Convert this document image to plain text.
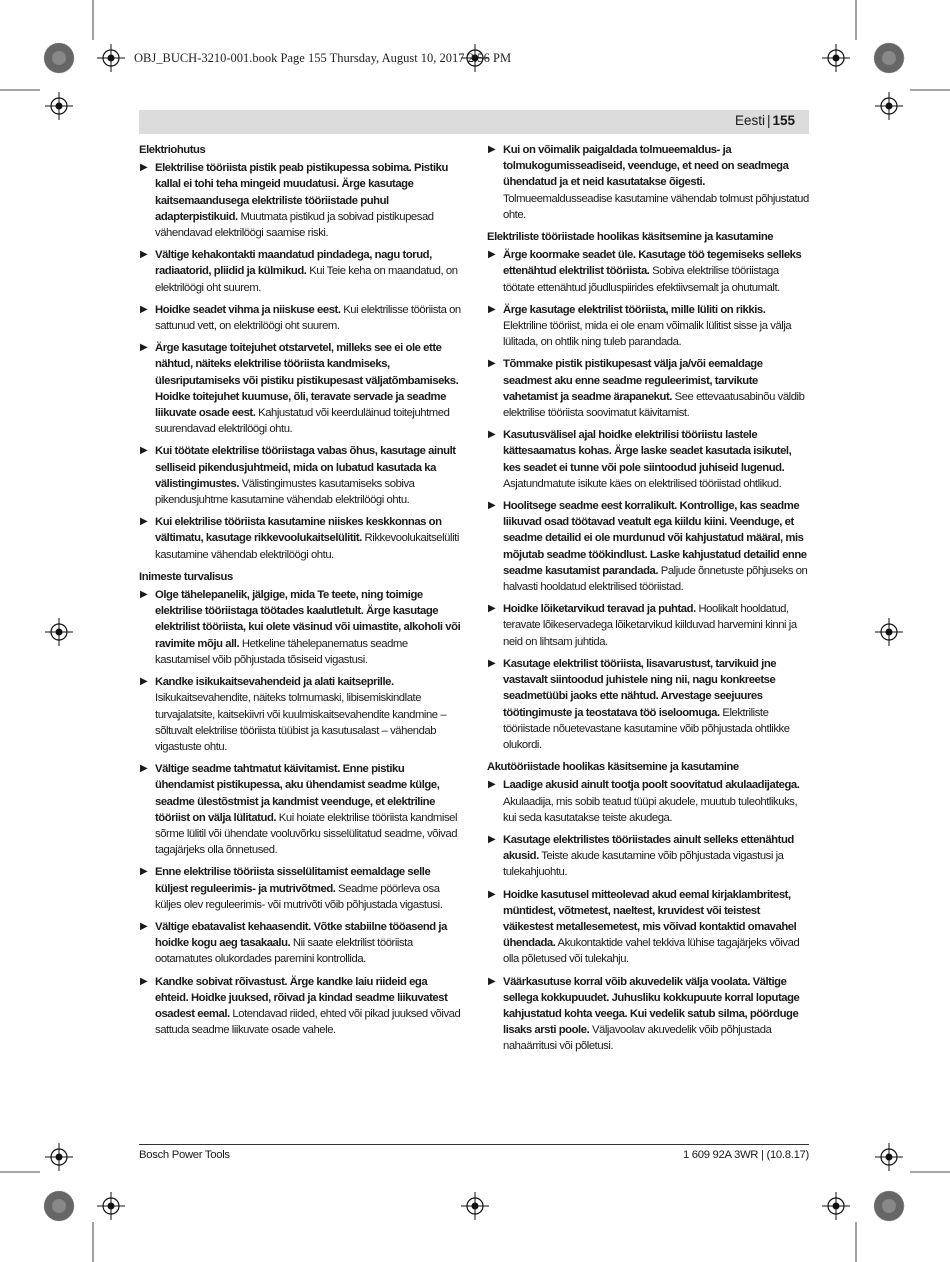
OBJ_BUCH-3210-001.book Page 155 Thursday, August 10, 2017 2:56 PM
Eesti | 155
Elektriohutus
▶ Elektrilise tööriista pistik peab pistikupessa sobima. Pistiku kallal ei tohi teha mingeid muudatusi. Ärge kasutage kaitsemaandusega elektriliste tööriistade puhul adapterpistikuid. Muutmata pistikud ja sobivad pistikupesad vähendavad elektrilöögi saamise riski.
▶ Vältige kehakontakti maandatud pindadega, nagu torud, radiaatorid, pliidid ja külmikud. Kui Teie keha on maandatud, on elektrilöögi oht suurem.
▶ Hoidke seadet vihma ja niiskuse eest. Kui elektrilisse tööriista on sattunud vett, on elektrilöögi oht suurem.
▶ Ärge kasutage toitejuhet otstarvetel, milleks see ei ole ette nähtud, näiteks elektrilise tööriista kandmiseks, ülesriputamiseks või pistiku pistikupesast väljatõmbamiseks. Hoidke toitejuhet kuumuse, õli, teravate servade ja seadme liikuvate osade eest. Kahjustatud või keerduläinud toitejuhtmed suurendavad elektrilöögi ohtu.
▶ Kui töötate elektrilise tööriistaga vabas õhus, kasutage ainult selliseid pikendusjuhtmeid, mida on lubatud kasutada ka välistingimustes. Välistingimustes kasutamiseks sobiva pikendusjuhtme kasutamine vähendab elektrilöögi ohtu.
▶ Kui elektrilise tööriista kasutamine niiskes keskkonnas on vältimatu, kasutage rikkevoolukaitselülitit. Rikkevoolukaitselüliti kasutamine vähendab elektrilöögi ohtu.
Inimeste turvalisus
▶ Olge tähelepanelik, jälgige, mida Te teete, ning toimige elektrilise tööriistaga töötades kaalutletult. Ärge kasutage elektrilist tööriista, kui olete väsinud või uimastite, alkoholi või ravimite mõju all. Hetkeline tähelepanematus seadme kasutamisel võib põhjustada tõsiseid vigastusi.
▶ Kandke isikukaitsevahendeid ja alati kaitseprille. Isikukaitsevahendite, näiteks tolmumaski, libisemiskindlate turvajalatsite, kaitsekiivri või kuulmiskaitsevahendite kandmine – sõltuvalt elektrilise tööriista tüübist ja kasutusalast – vähendab vigastuste ohtu.
▶ Vältige seadme tahtmatut käivitamist. Enne pistiku ühendamist pistikupessa, aku ühendamist seadme külge, seadme ülestõstmist ja kandmist veenduge, et elektriline tööriist on välja lülitatud. Kui hoiate elektrilise tööriista kandmisel sõrme lülitil või ühendate vooluvõrku sisselülitatud seadme, võivad tagajärjeks olla õnnetused.
▶ Enne elektrilise tööriista sisselülitamist eemaldage selle küljest reguleerimis- ja mutrivõtmed. Seadme pöörleva osa küljes olev reguleerimis- või mutrivõti võib põhjustada vigastusi.
▶ Vältige ebatavalist kehaasendit. Võtke stabiilne tööasend ja hoidke kogu aeg tasakaalu. Nii saate elektrilist tööriista ootamatutes olukordades paremini kontrollida.
▶ Kandke sobivat rõivastust. Ärge kandke laiu riideid ega ehteid. Hoidke juuksed, rõivad ja kindad seadme liikuvatest osadest eemal. Lotendavad riided, ehted või pikad juuksed võivad sattuda seadme liikuvate osade vahele.
▶ Kui on võimalik paigaldada tolmueemaldus- ja tolmukogumisseadiseid, veenduge, et need on seadmega ühendatud ja et neid kasutatakse õigesti. Tolmueemaldusseadise kasutamine vähendab tolmust põhjustatud ohte.
Elektriliste tööriistade hoolikas käsitsemine ja kasutamine
▶ Ärge koormake seadet üle. Kasutage töö tegemiseks selleks ettenähtud elektrilist tööriista. Sobiva elektrilise tööriistaga töötate ettenähtud jõudluspiirides efektiivsemalt ja ohutumalt.
▶ Ärge kasutage elektrilist tööriista, mille lüliti on rikkis. Elektriline tööriist, mida ei ole enam võimalik lülitist sisse ja välja lülitada, on ohtlik ning tuleb parandada.
▶ Tõmmake pistik pistikupesast välja ja/või eemaldage seadmest aku enne seadme reguleerimist, tarvikute vahetamist ja seadme ärapanekut. See ettevaatusabinõu väldib elektrilise tööriista soovimatut käivitamist.
▶ Kasutusvälisel ajal hoidke elektrilisi tööriistu lastele kättesaamatus kohas. Ärge laske seadet kasutada isikutel, kes seadet ei tunne või pole siintoodud juhiseid lugenud. Asjatundmatute isikute käes on elektrilised tööriistad ohtlikud.
▶ Hoolitsege seadme eest korralikult. Kontrollige, kas seadme liikuvad osad töötavad veatult ega kiildu kiini. Veenduge, et seadme detailid ei ole murdunud või kahjustatud määral, mis mõjutab seadme töökindlust. Laske kahjustatud detailid enne seadme kasutamist parandada. Paljude õnnetuste põhjuseks on halvasti hooldatud elektrilised tööriistad.
▶ Hoidke lõiketarvikud teravad ja puhtad. Hoolikalt hooldatud, teravate lõikeservadega lõiketarvikud kiilduvad harvemini kinni ja neid on lihtsam juhtida.
▶ Kasutage elektrilist tööriista, lisavarustust, tarvikuid jne vastavalt siintoodud juhistele ning nii, nagu konkreetse seadmetüübi jaoks ette nähtud. Arvestage seejuures töötingimuste ja teostatava töö iseloomuga. Elektriliste tööriistade nõuetevastane kasutamine võib põhjustada ohtlikke olukordi.
Akutööriistade hoolikas käsitsemine ja kasutamine
▶ Laadige akusid ainult tootja poolt soovitatud akulaadijatega. Akulaadija, mis sobib teatud tüüpi akudele, muutub tuleohtlikuks, kui seda kasutatakse teiste akudega.
▶ Kasutage elektrilistes tööriistades ainult selleks ettenähtud akusid. Teiste akude kasutamine võib põhjustada vigastusi ja tulekahjuohtu.
▶ Hoidke kasutusel mitteolevad akud eemal kirjaklambritest, müntidest, võtmetest, naeltest, kruvidest või teistest väikestest metallesemetest, mis võivad kontaktid omavahel ühendada. Akukontaktide vahel tekkiva lühise tagajärjeks võivad olla põletused või tulekahju.
▶ Väärkasutuse korral võib akuvedelik välja voolata. Vältige sellega kokkupuudet. Juhusliku kokkupuute korral loputage kahjustatud kohta veega. Kui vedelik satub silma, pöörduge lisaks arsti poole. Väljavoolav akuvedelik võib põhjustada nahaärritusi või põletusi.
Bosch Power Tools	1 609 92A 3WR | (10.8.17)
